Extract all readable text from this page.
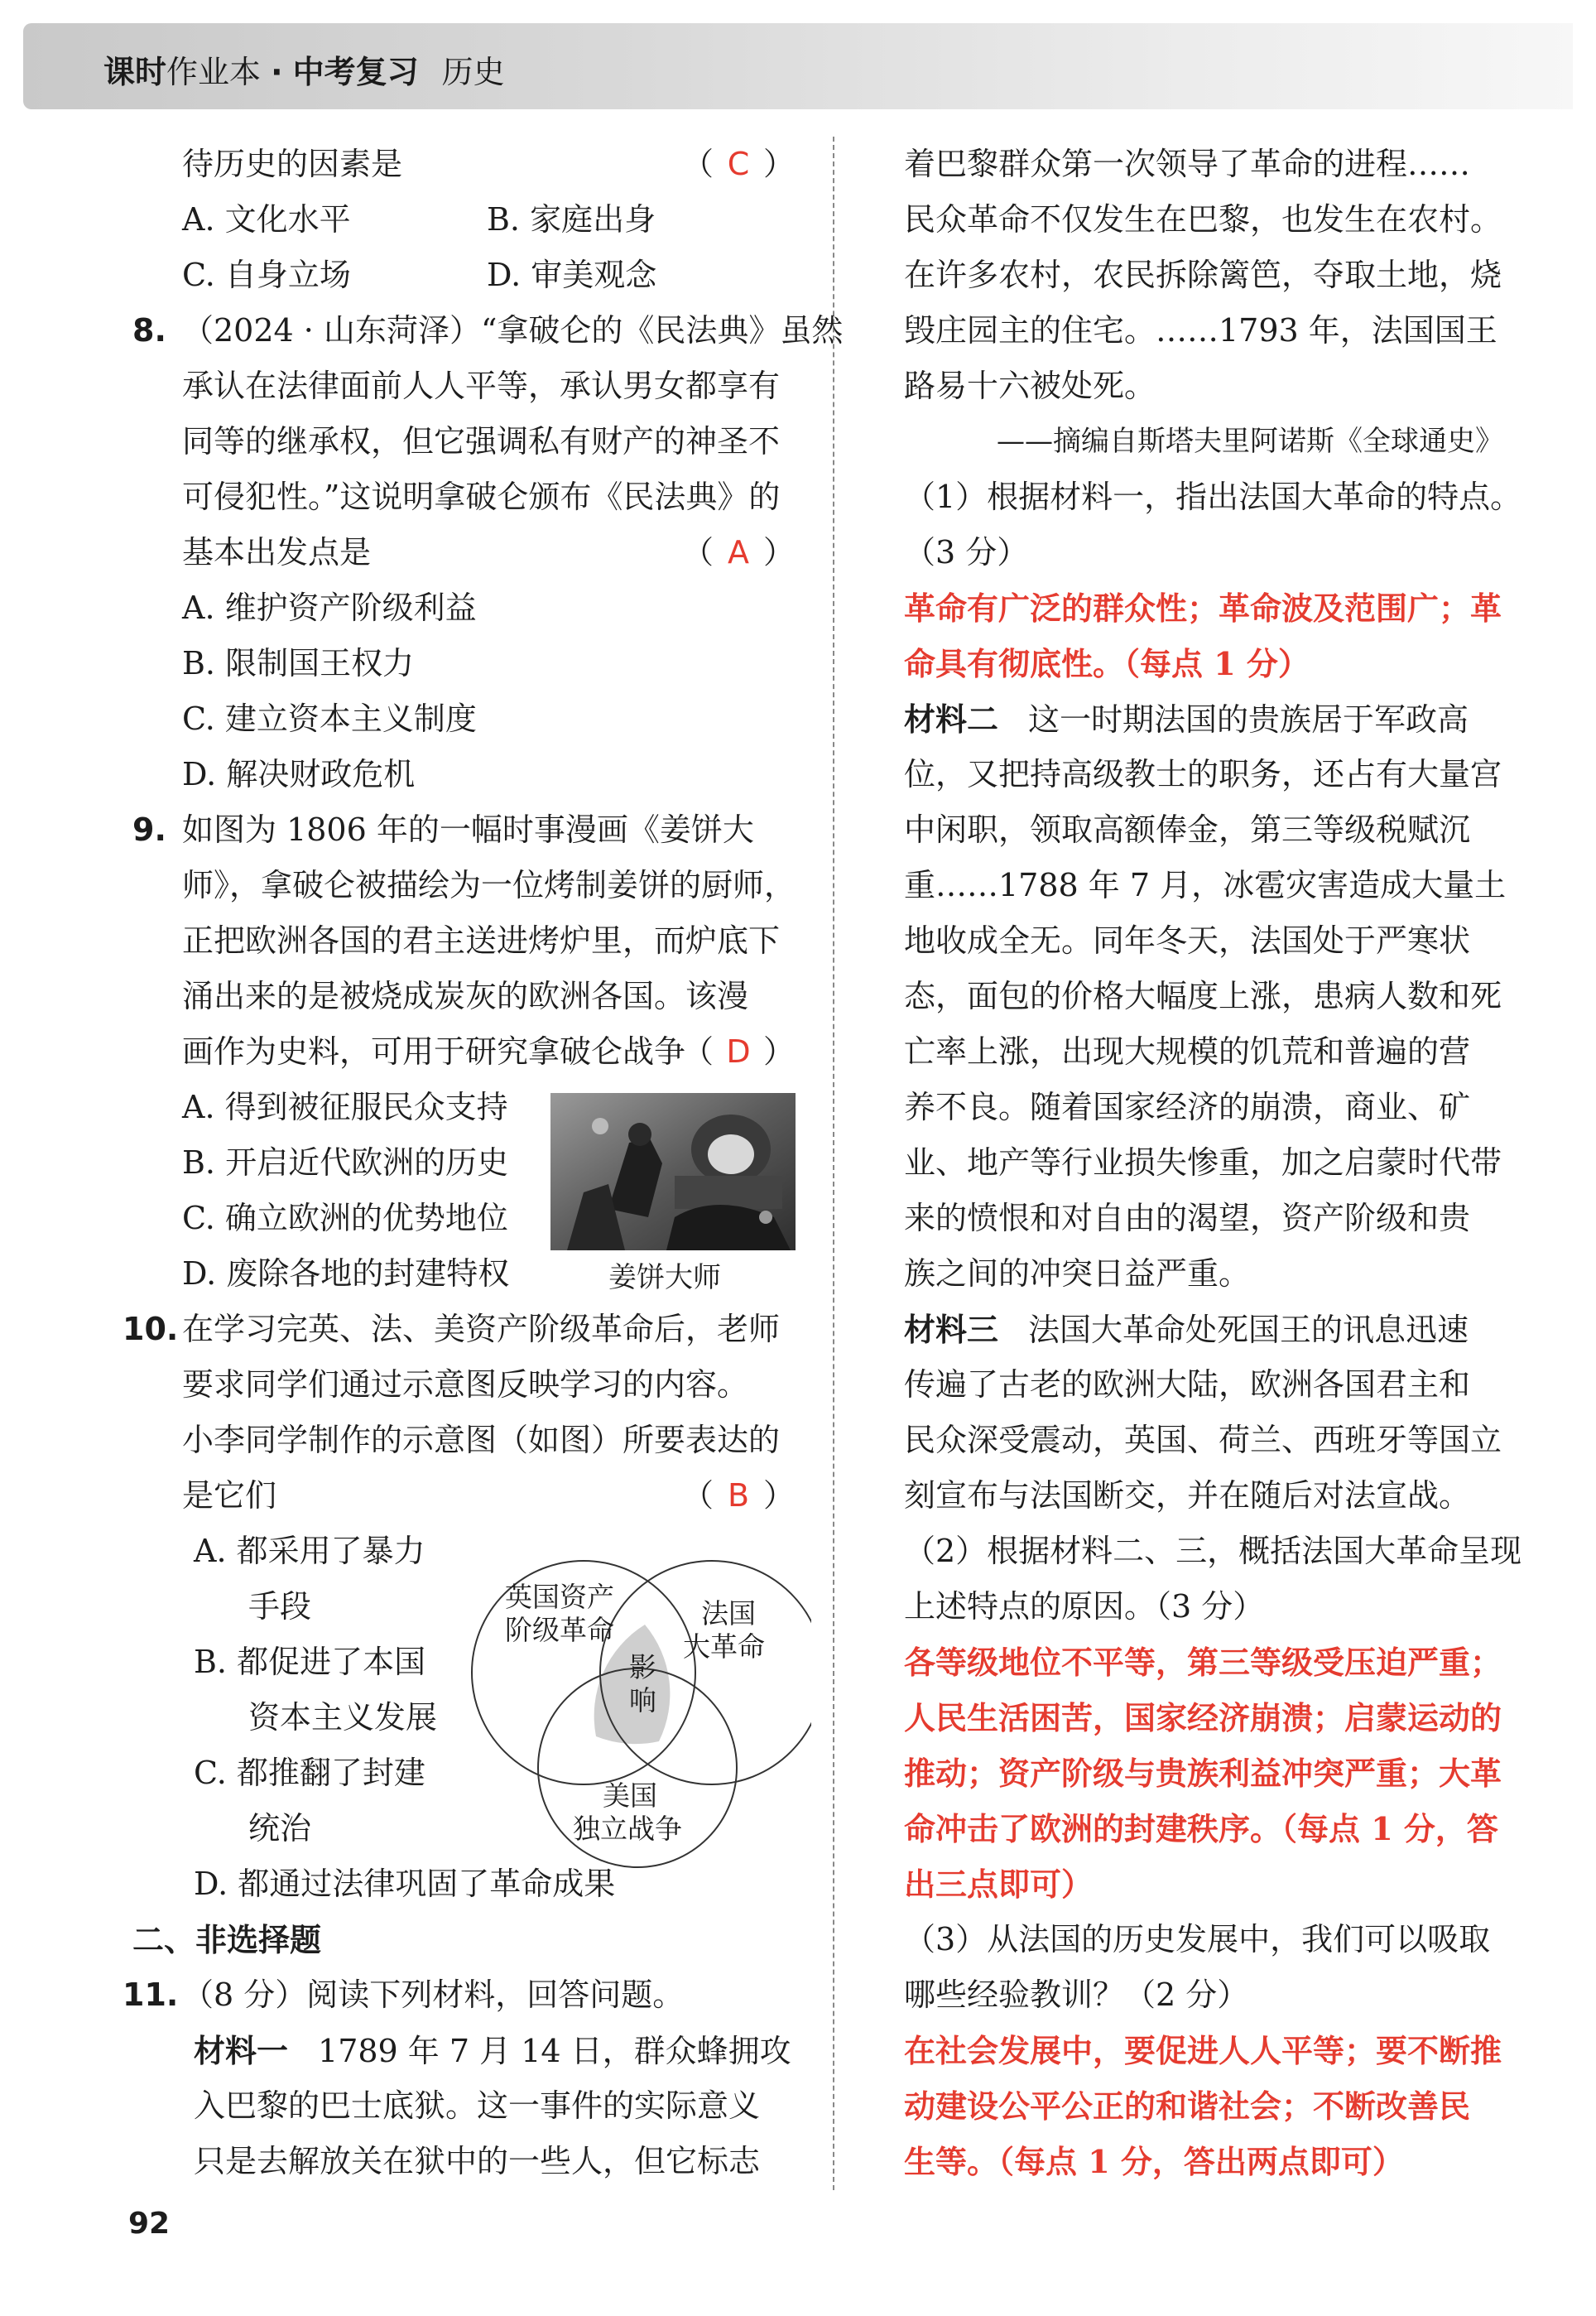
课时作业本 · 中考复习 历史
待历史的因素是	（ C ）
A. 文化水平	B. 家庭出身
C. 自身立场	D. 审美观念
8. （2024 · 山东菏泽）“拿破仑的《民法典》虽然
承认在法律面前人人平等，承认男女都享有
同等的继承权，但它强调私有财产的神圣不
可侵犯性。”这说明拿破仑颁布《民法典》的
基本出发点是	（ A ）
A. 维护资产阶级利益
B. 限制国王权力
C. 建立资本主义制度
D. 解决财政危机
9. 如图为 1806 年的一幅时事漫画《姜饼大
师》，拿破仑被描绘为一位烤制姜饼的厨师，
正把欧洲各国的君主送进烤炉里，而炉底下
涌出来的是被烧成炭灰的欧洲各国。该漫
画作为史料，可用于研究拿破仑战争
（ D ）
A. 得到被征服民众支持
B. 开启近代欧洲的历史
C. 确立欧洲的优势地位
D. 废除各地的封建特权
10. 在学习完英、法、美资产阶级革命后，老师
要求同学们通过示意图反映学习的内容。
小李同学制作的示意图（如图）所要表达的
是它们	（ B ）
A. 都采用了暴力
手段
B. 都促进了本国
资本主义发展
C. 都推翻了封建
统治
D. 都通过法律巩固了革命成果
二、非选择题
11. （8 分）阅读下列材料，回答问题。
材料一 1789 年 7 月 14 日，群众蜂拥攻
入巴黎的巴士底狱。这一事件的实际意义
只是去解放关在狱中的一些人，但它标志
姜饼大师
英国资产
阶级革命
法国
大革命
美国
独立战争
影
响
着巴黎群众第一次领导了革命的进程……
民众革命不仅发生在巴黎，也发生在农村。
在许多农村，农民拆除篱笆，夺取土地，烧
毁庄园主的住宅。……1793 年，法国国王
路易十六被处死。
——摘编自斯塔夫里阿诺斯《全球通史》
（1）根据材料一，指出法国大革命的特点。
（3 分）
革命有广泛的群众性；革命波及范围广；革
命具有彻底性。（每点 1 分）
材料二 这一时期法国的贵族居于军政高
位，又把持高级教士的职务，还占有大量宫
中闲职，领取高额俸金，第三等级税赋沉
重……1788 年 7 月，冰雹灾害造成大量土
地收成全无。同年冬天，法国处于严寒状
态，面包的价格大幅度上涨，患病人数和死
亡率上涨，出现大规模的饥荒和普遍的营
养不良。随着国家经济的崩溃，商业、矿
业、地产等行业损失惨重，加之启蒙时代带
来的愤恨和对自由的渴望，资产阶级和贵
族之间的冲突日益严重。
材料三 法国大革命处死国王的讯息迅速
传遍了古老的欧洲大陆，欧洲各国君主和
民众深受震动，英国、荷兰、西班牙等国立
刻宣布与法国断交，并在随后对法宣战。
（2）根据材料二、三，概括法国大革命呈现
上述特点的原因。（3 分）
各等级地位不平等，第三等级受压迫严重；
人民生活困苦，国家经济崩溃；启蒙运动的
推动；资产阶级与贵族利益冲突严重；大革
命冲击了欧洲的封建秩序。（每点 1 分，答
出三点即可）
（3）从法国的历史发展中，我们可以吸取
哪些经验教训？（2 分）
在社会发展中，要促进人人平等；要不断推
动建设公平公正的和谐社会；不断改善民
生等。（每点 1 分，答出两点即可）
92
